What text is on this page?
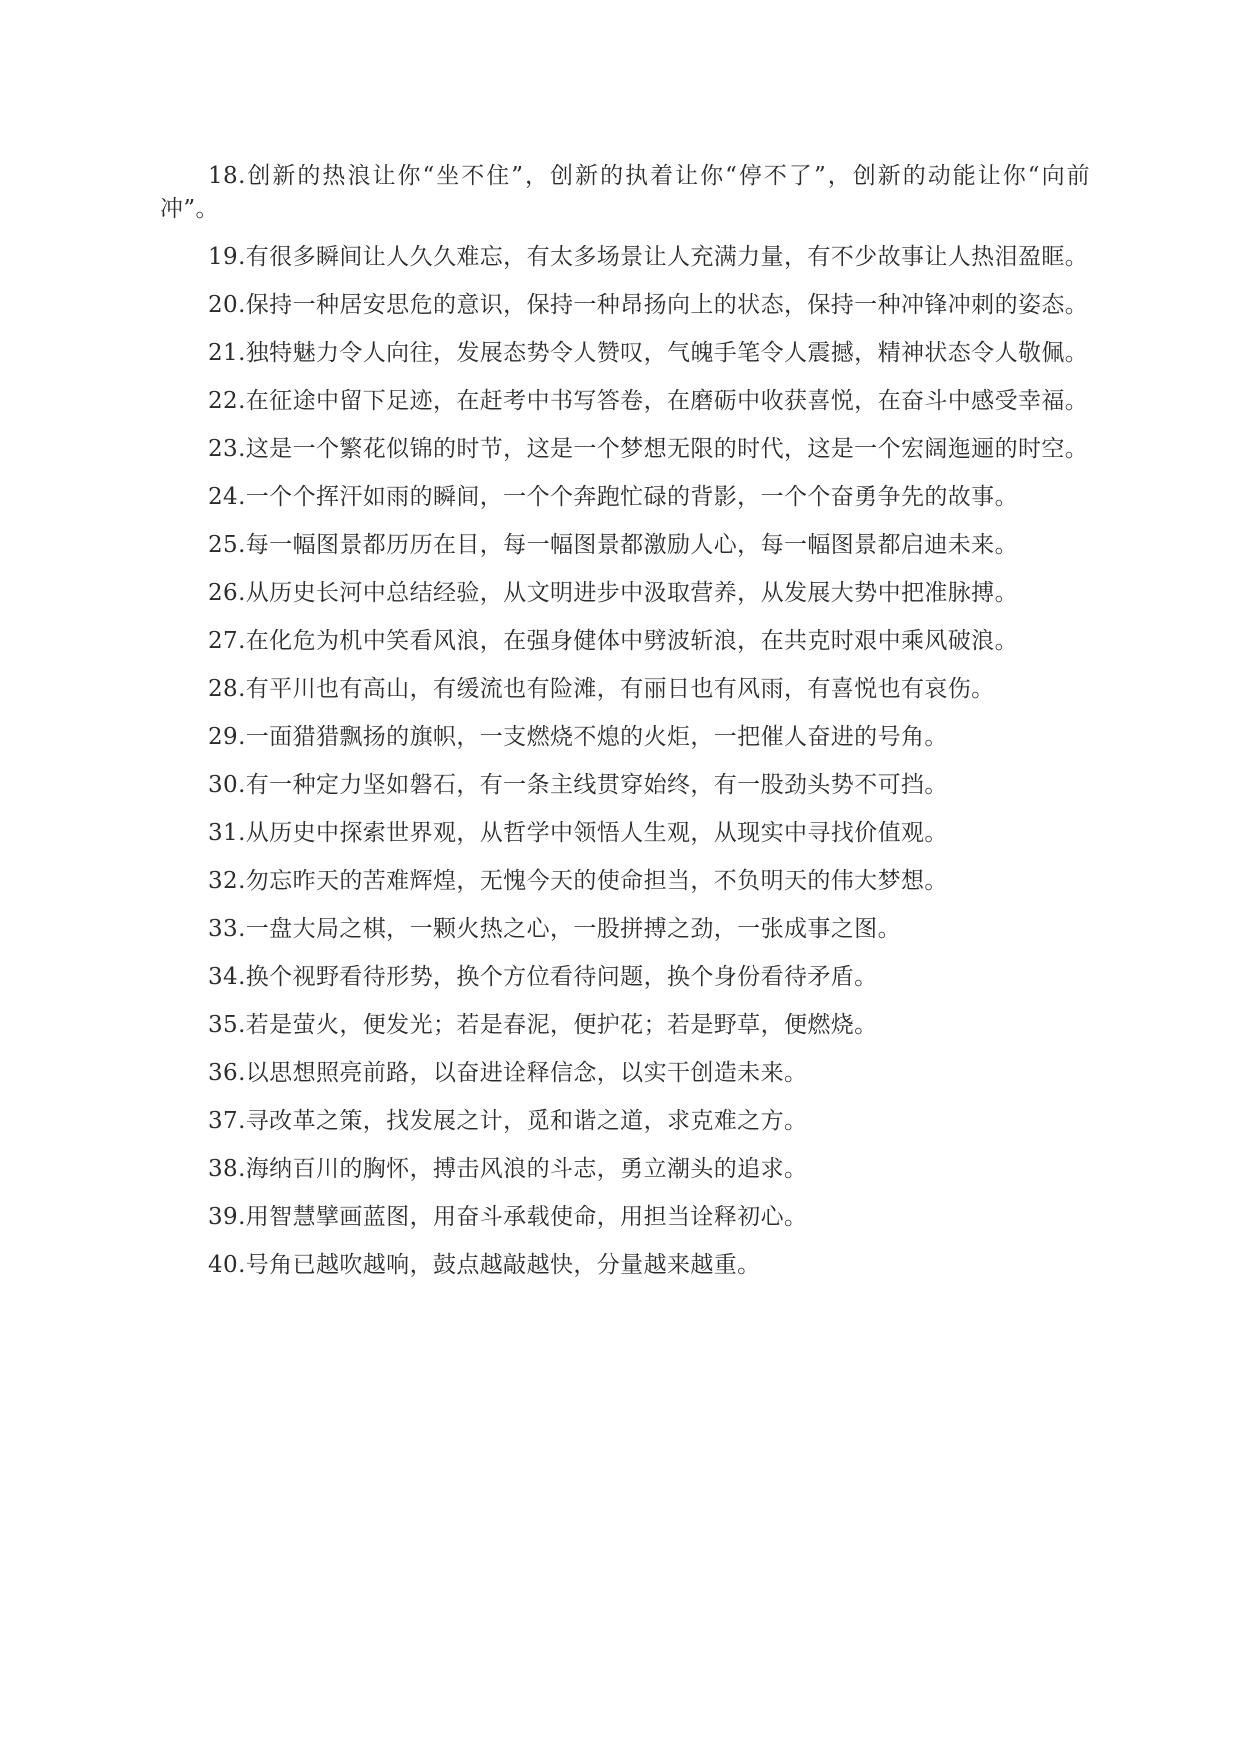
18.创新的热浪让你“坐不住”，创新的执着让你“停不了”，创新的动能让你“向前冲”。

19.有很多瞬间让人久久难忘，有太多场景让人充满力量，有不少故事让人热泪盈眶。

20.保持一种居安思危的意识，保持一种昂扬向上的状态，保持一种冲锋冲刺的姿态。

21.独特魅力令人向往，发展态势令人赞叹，气魄手笔令人震撼，精神状态令人敬佩。

22.在征途中留下足迹，在赶考中书写答卷，在磨砺中收获喜悦，在奋斗中感受幸福。

23.这是一个繁花似锦的时节，这是一个梦想无限的时代，这是一个宏阔迤逦的时空。

24.一个个挥汗如雨的瞬间，一个个奔跑忙碌的背影，一个个奋勇争先的故事。

25.每一幅图景都历历在目，每一幅图景都激励人心，每一幅图景都启迪未来。

26.从历史长河中总结经验，从文明进步中汲取营养，从发展大势中把准脉搏。

27.在化危为机中笑看风浪，在强身健体中劈波斩浪，在共克时艰中乘风破浪。

28.有平川也有高山，有缓流也有险滩，有丽日也有风雨，有喜悦也有哀伤。

29.一面猎猎飘扬的旗帜，一支燃烧不熄的火炬，一把催人奋进的号角。

30.有一种定力坚如磐石，有一条主线贯穿始终，有一股劲头势不可挡。

31.从历史中探索世界观，从哲学中领悟人生观，从现实中寻找价值观。

32.勿忘昨天的苦难辉煌，无愧今天的使命担当，不负明天的伟大梦想。

33.一盘大局之棋，一颗火热之心，一股拼搏之劲，一张成事之图。

34.换个视野看待形势，换个方位看待问题，换个身份看待矛盾。

35.若是萤火，便发光；若是春泥，便护花；若是野草，便燃烧。

36.以思想照亮前路，以奋进诠释信念，以实干创造未来。

37.寻改革之策，找发展之计，觅和谐之道，求克难之方。

38.海纳百川的胸怀，搏击风浪的斗志，勇立潮头的追求。

39.用智慧擘画蓝图，用奋斗承载使命，用担当诠释初心。

40.号角已越吹越响，鼓点越敲越快，分量越来越重。
